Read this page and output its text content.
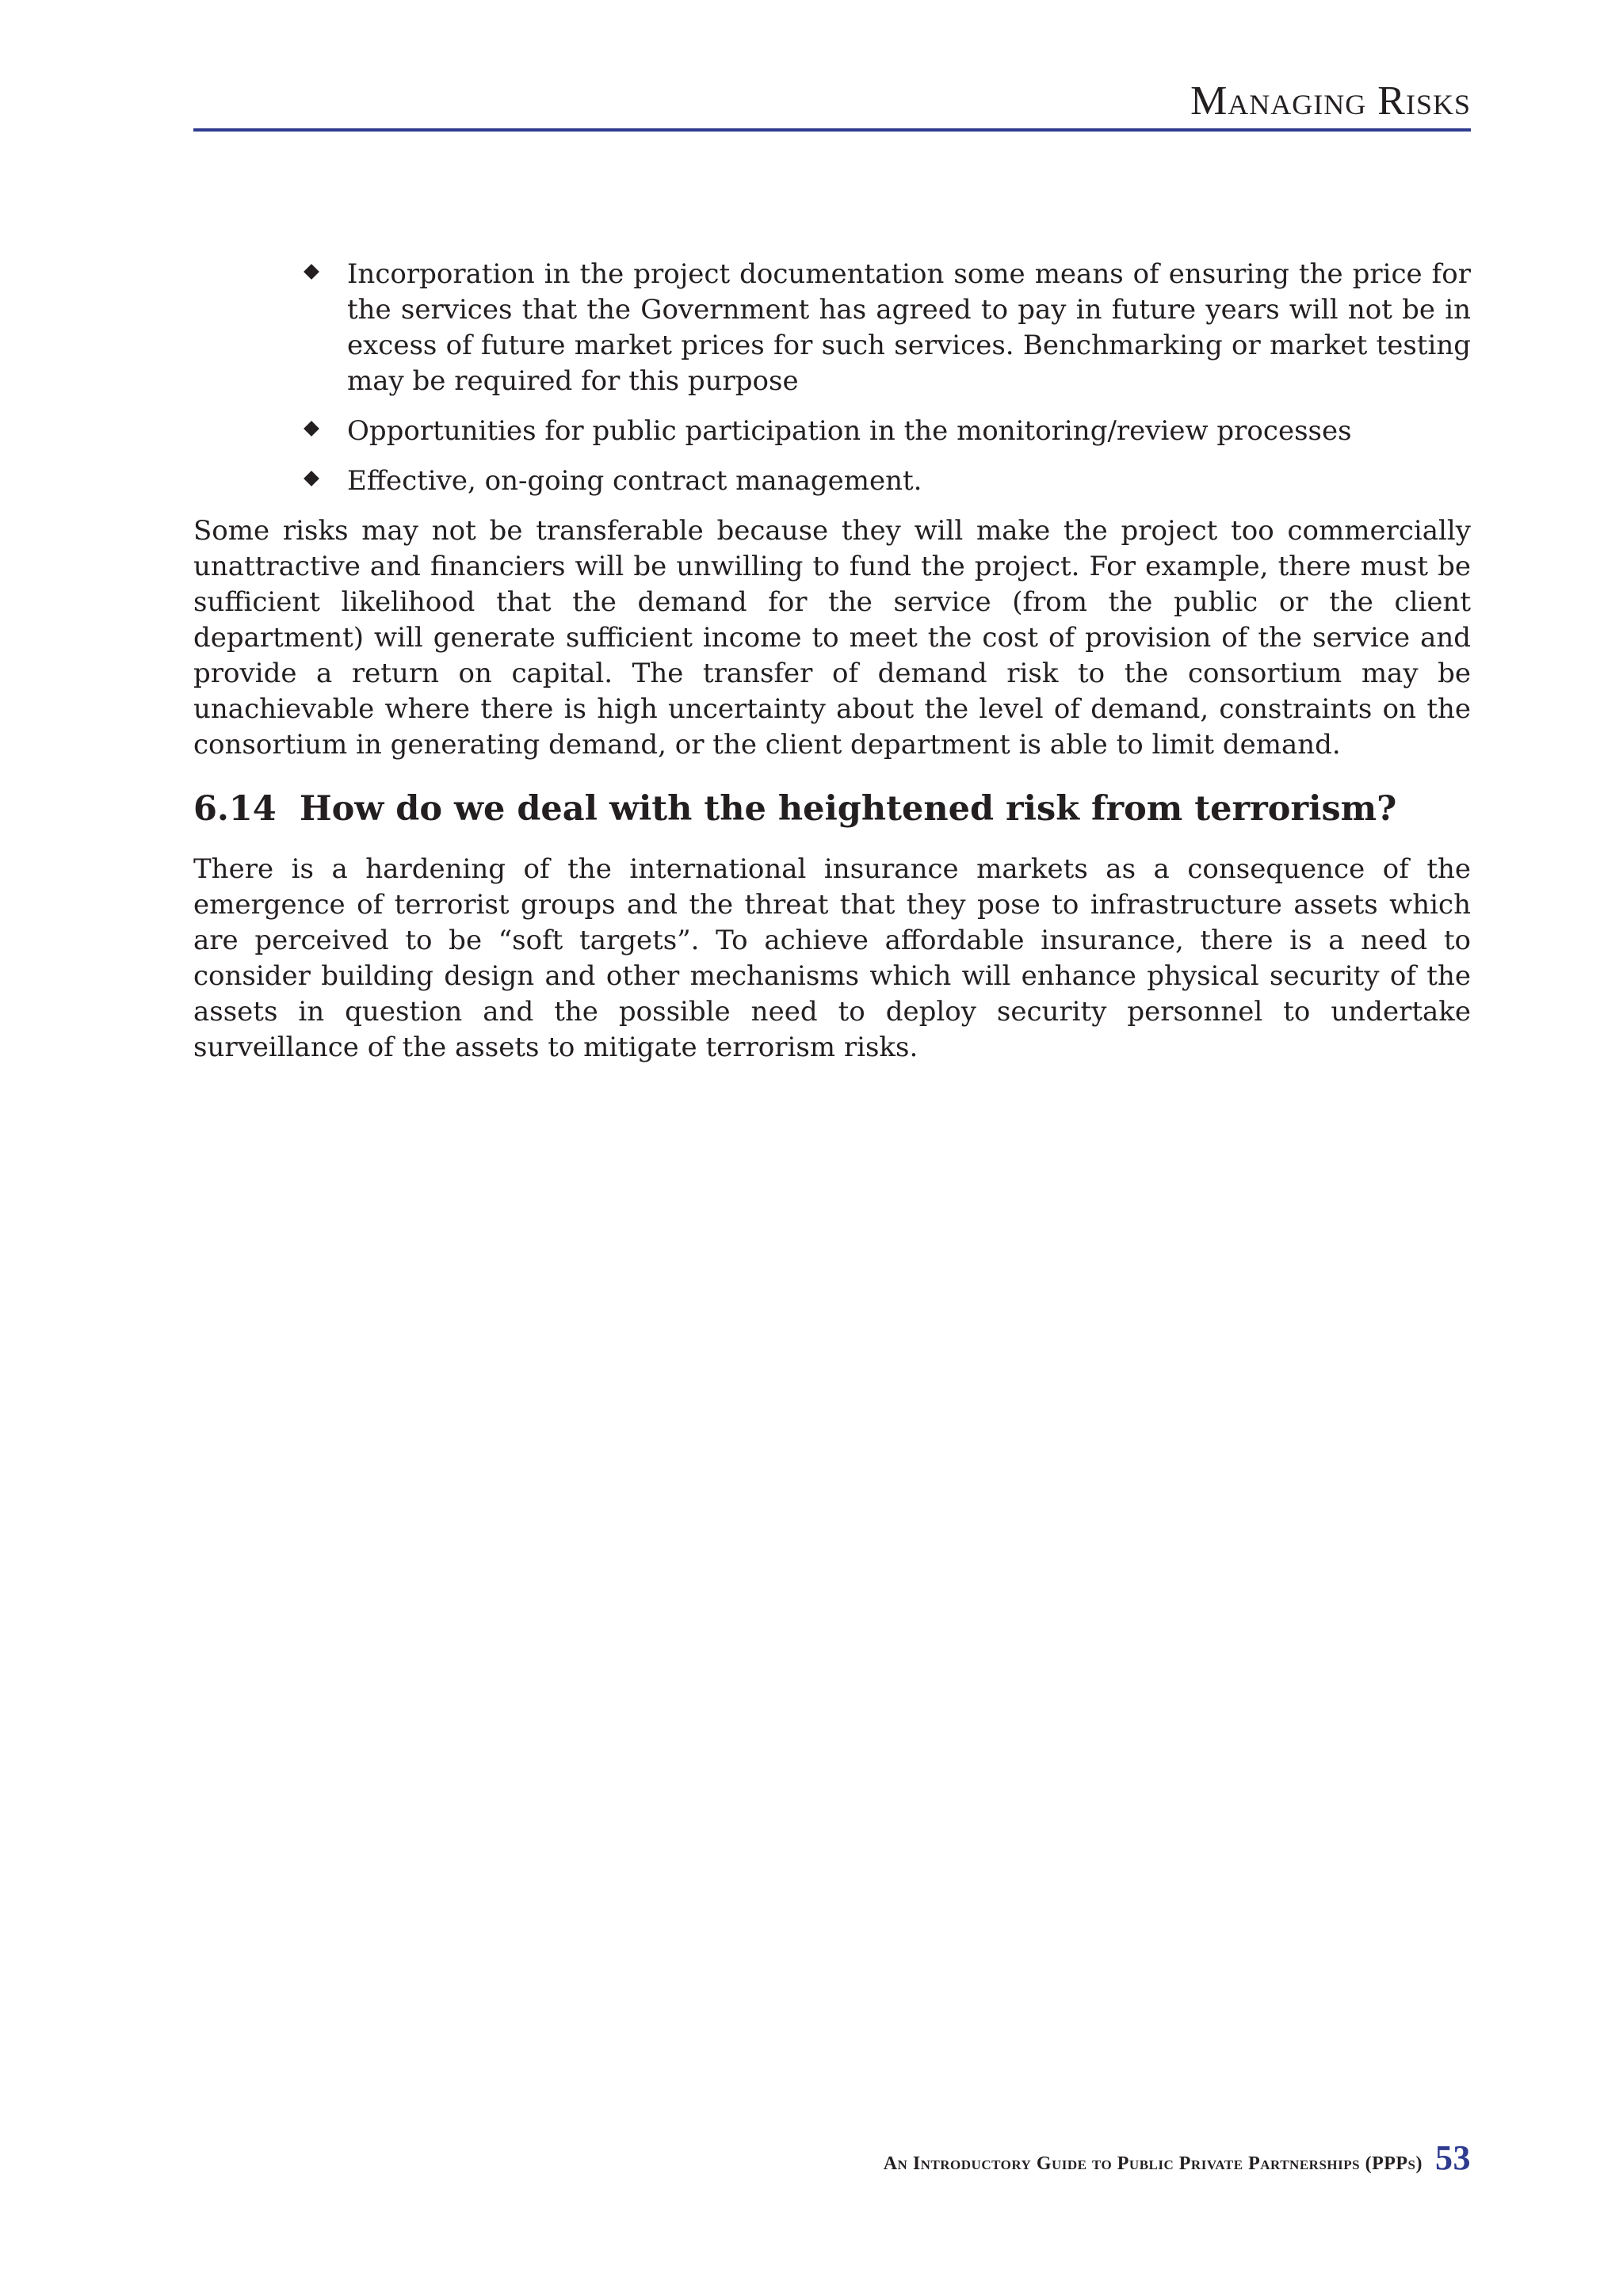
Managing Risks
Incorporation in the project documentation some means of ensuring the price for the services that the Government has agreed to pay in future years will not be in excess of future market prices for such services. Benchmarking or market testing may be required for this purpose
Opportunities for public participation in the monitoring/review processes
Effective, on-going contract management.

Some risks may not be transferable because they will make the project too commercially unattractive and financiers will be unwilling to fund the project. For example, there must be sufficient likelihood that the demand for the service (from the public or the client department) will generate sufficient income to meet the cost of provision of the service and provide a return on capital. The transfer of demand risk to the consortium may be unachievable where there is high uncertainty about the level of demand, constraints on the consortium in generating demand, or the client department is able to limit demand.

6.14 How do we deal with the heightened risk from terrorism?

There is a hardening of the international insurance markets as a consequence of the emergence of terrorist groups and the threat that they pose to infrastructure assets which are perceived to be “soft targets”. To achieve affordable insurance, there is a need to consider building design and other mechanisms which will enhance physical security of the assets in question and the possible need to deploy security personnel to undertake surveillance of the assets to mitigate terrorism risks.

An Introductory Guide to Public Private Partnerships (PPPs) 53
